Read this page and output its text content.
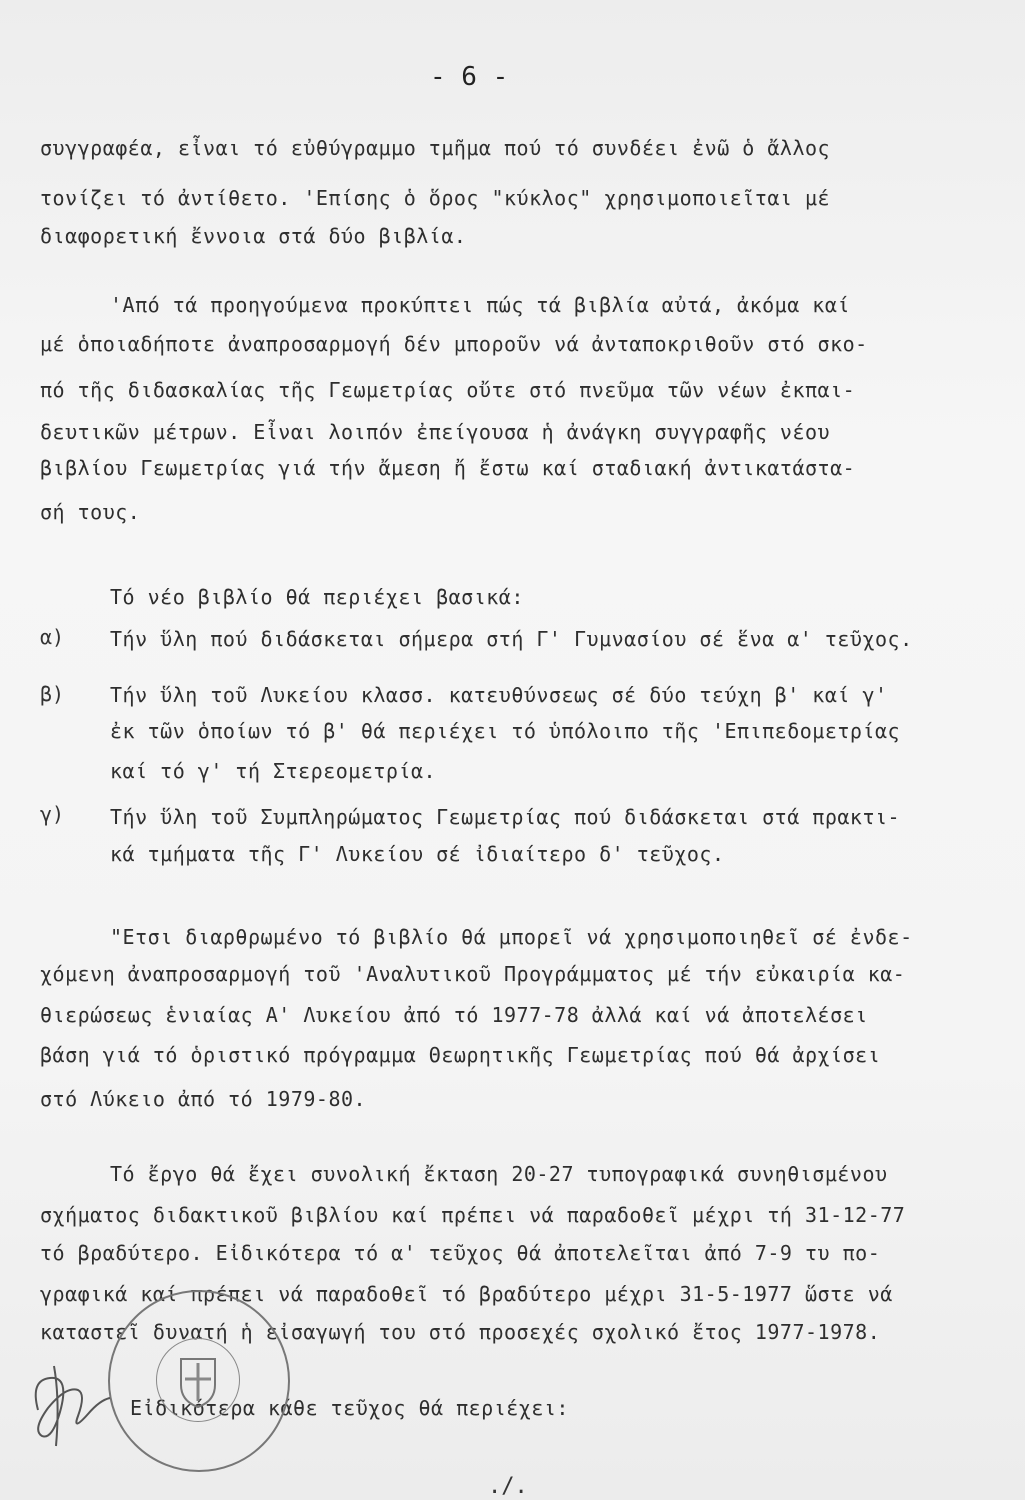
- 6 -
συγγραφέα, εἶναι τό εὐθύγραμμο τμῆμα πού τό συνδέει ἐνῶ ὁ ἄλλος
τονίζει τό ἀντίθετο. 'Επίσης ὁ ὅρος "κύκλος" χρησιμοποιεῖται μέ
διαφορετική ἔννοια στά δύο βιβλία.
'Από τά προηγούμενα προκύπτει πώς τά βιβλία αὐτά, ἀκόμα καί
μέ ὁποιαδήποτε ἀναπροσαρμογή δέν μποροῦν νά ἀνταποκριθοῦν στό σκο-
πό τῆς διδασκαλίας τῆς Γεωμετρίας οὔτε στό πνεῦμα τῶν νέων ἐκπαι-
δευτικῶν μέτρων. Εἶναι λοιπόν ἐπείγουσα ἡ ἀνάγκη συγγραφῆς νέου
βιβλίου Γεωμετρίας γιά τήν ἄμεση ἤ ἔστω καί σταδιακή ἀντικατάστα-
σή τους.
Τό νέο βιβλίο θά περιέχει βασικά:
α) Τήν ὕλη πού διδάσκεται σήμερα στή Γ' Γυμνασίου σέ ἕνα α' τεῦχος.
β) Τήν ὕλη τοῦ Λυκείου κλασσ. κατευθύνσεως σέ δύο τεύχη β' καί γ'
ἐκ τῶν ὁποίων τό β' θά περιέχει τό ὑπόλοιπο τῆς 'Επιπεδομετρίας
καί τό γ' τή Στερεομετρία.
γ) Τήν ὕλη τοῦ Συμπληρώματος Γεωμετρίας πού διδάσκεται στά πρακτι-
κά τμήματα τῆς Γ' Λυκείου σέ ἰδιαίτερο δ' τεῦχος.
"Ετσι διαρθρωμένο τό βιβλίο θά μπορεῖ νά χρησιμοποιηθεῖ σέ ἐνδε-
χόμενη ἀναπροσαρμογή τοῦ 'Αναλυτικοῦ Προγράμματος μέ τήν εὐκαιρία κα-
θιερώσεως ἑνιαίας Α' Λυκείου ἀπό τό 1977-78 ἀλλά καί νά ἀποτελέσει
βάση γιά τό ὁριστικό πρόγραμμα Θεωρητικῆς Γεωμετρίας πού θά ἀρχίσει
στό Λύκειο ἀπό τό 1979-80.
Τό ἔργο θά ἔχει συνολική ἔκταση 20-27 τυπογραφικά συνηθισμένου
σχήματος διδακτικοῦ βιβλίου καί πρέπει νά παραδοθεῖ μέχρι τή 31-12-77
τό βραδύτερο. Εἰδικότερα τό α' τεῦχος θά ἀποτελεῖται ἀπό 7-9 τυ πο-
γραφικά καί πρέπει νά παραδοθεῖ τό βραδύτερο μέχρι 31-5-1977 ὥστε νά
καταστεῖ δυνατή ἡ εἰσαγωγή του στό προσεχές σχολικό ἔτος 1977-1978.
Εἰδικότερα κάθε τεῦχος θά περιέχει:
./.
